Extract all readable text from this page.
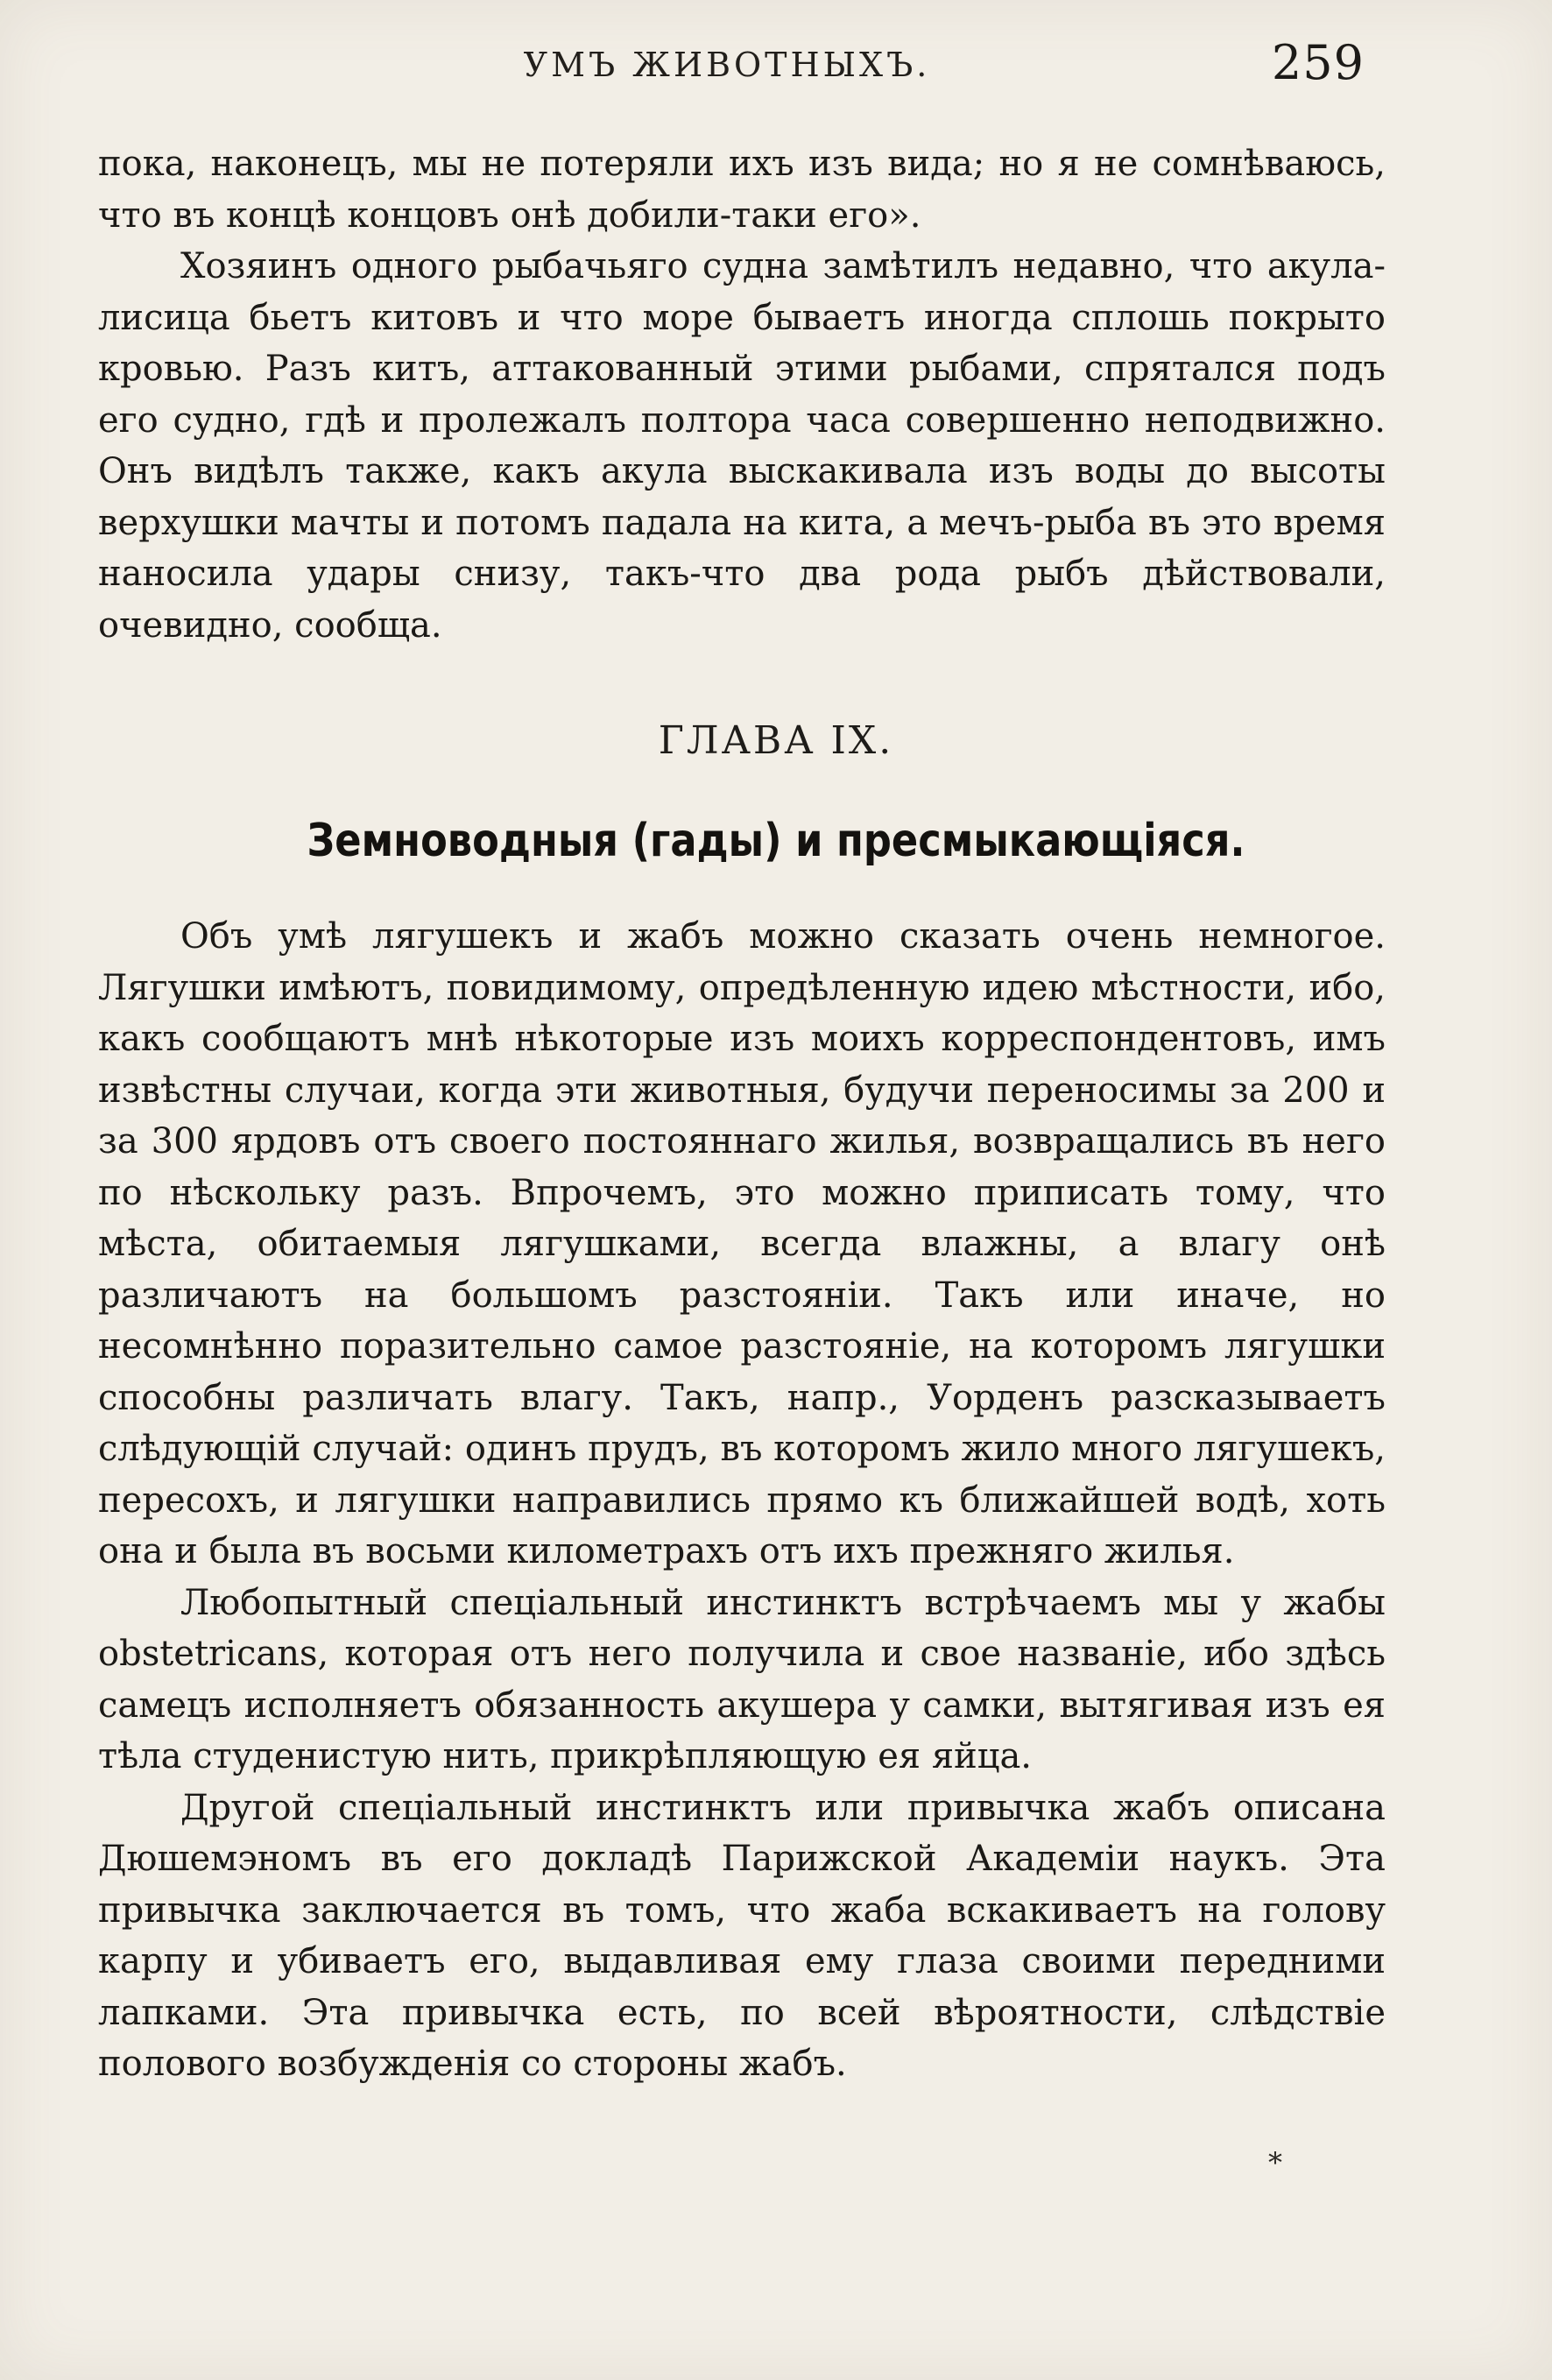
УМЪ ЖИВОТНЫХЪ.	259

пока, наконецъ, мы не потеряли ихъ изъ вида; но я не сомнѣваюсь, что въ концѣ концовъ онѣ добили-таки его».

Хозяинъ одного рыбачьяго судна замѣтилъ недавно, что акула-лисица бьетъ китовъ и что море бываетъ иногда сплошь покрыто кровью. Разъ китъ, аттакованный этими рыбами, спрятался подъ его судно, гдѣ и пролежалъ полтора часа совершенно неподвижно. Онъ видѣлъ также, какъ акула выскакивала изъ воды до высоты верхушки мачты и потомъ падала на кита, а мечъ-рыба въ это время наносила удары снизу, такъ-что два рода рыбъ дѣйствовали, очевидно, сообща.

ГЛАВА IX.
Земноводныя (гады) и пресмыкающіяся.

Объ умѣ лягушекъ и жабъ можно сказать очень немногое. Лягушки имѣютъ, повидимому, опредѣленную идею мѣстности, ибо, какъ сообщаютъ мнѣ нѣкоторые изъ моихъ корреспондентовъ, имъ извѣстны случаи, когда эти животныя, будучи переносимы за 200 и за 300 ярдовъ отъ своего постояннаго жилья, возвращались въ него по нѣскольку разъ. Впрочемъ, это можно приписать тому, что мѣста, обитаемыя лягушками, всегда влажны, а влагу онѣ различаютъ на большомъ разстояніи. Такъ или иначе, но несомнѣнно поразительно самое разстояніе, на которомъ лягушки способны различать влагу. Такъ, напр., Уорденъ разсказываетъ слѣдующій случай: одинъ прудъ, въ которомъ жило много лягушекъ, пересохъ, и лягушки направились прямо къ ближайшей водѣ, хоть она и была въ восьми километрахъ отъ ихъ прежняго жилья.

Любопытный спеціальный инстинктъ встрѣчаемъ мы у жабы obstetricans, которая отъ него получила и свое названіе, ибо здѣсь самецъ исполняетъ обязанность акушера у самки, вытягивая изъ ея тѣла студенистую нить, прикрѣпляющую ея яйца.

Другой спеціальный инстинктъ или привычка жабъ описана Дюшемэномъ въ его докладѣ Парижской Академіи наукъ. Эта привычка заключается въ томъ, что жаба вскакиваетъ на голову карпу и убиваетъ его, выдавливая ему глаза своими передними лапками. Эта привычка есть, по всей вѣроятности, слѣдствіе полового возбужденія со стороны жабъ.

*
